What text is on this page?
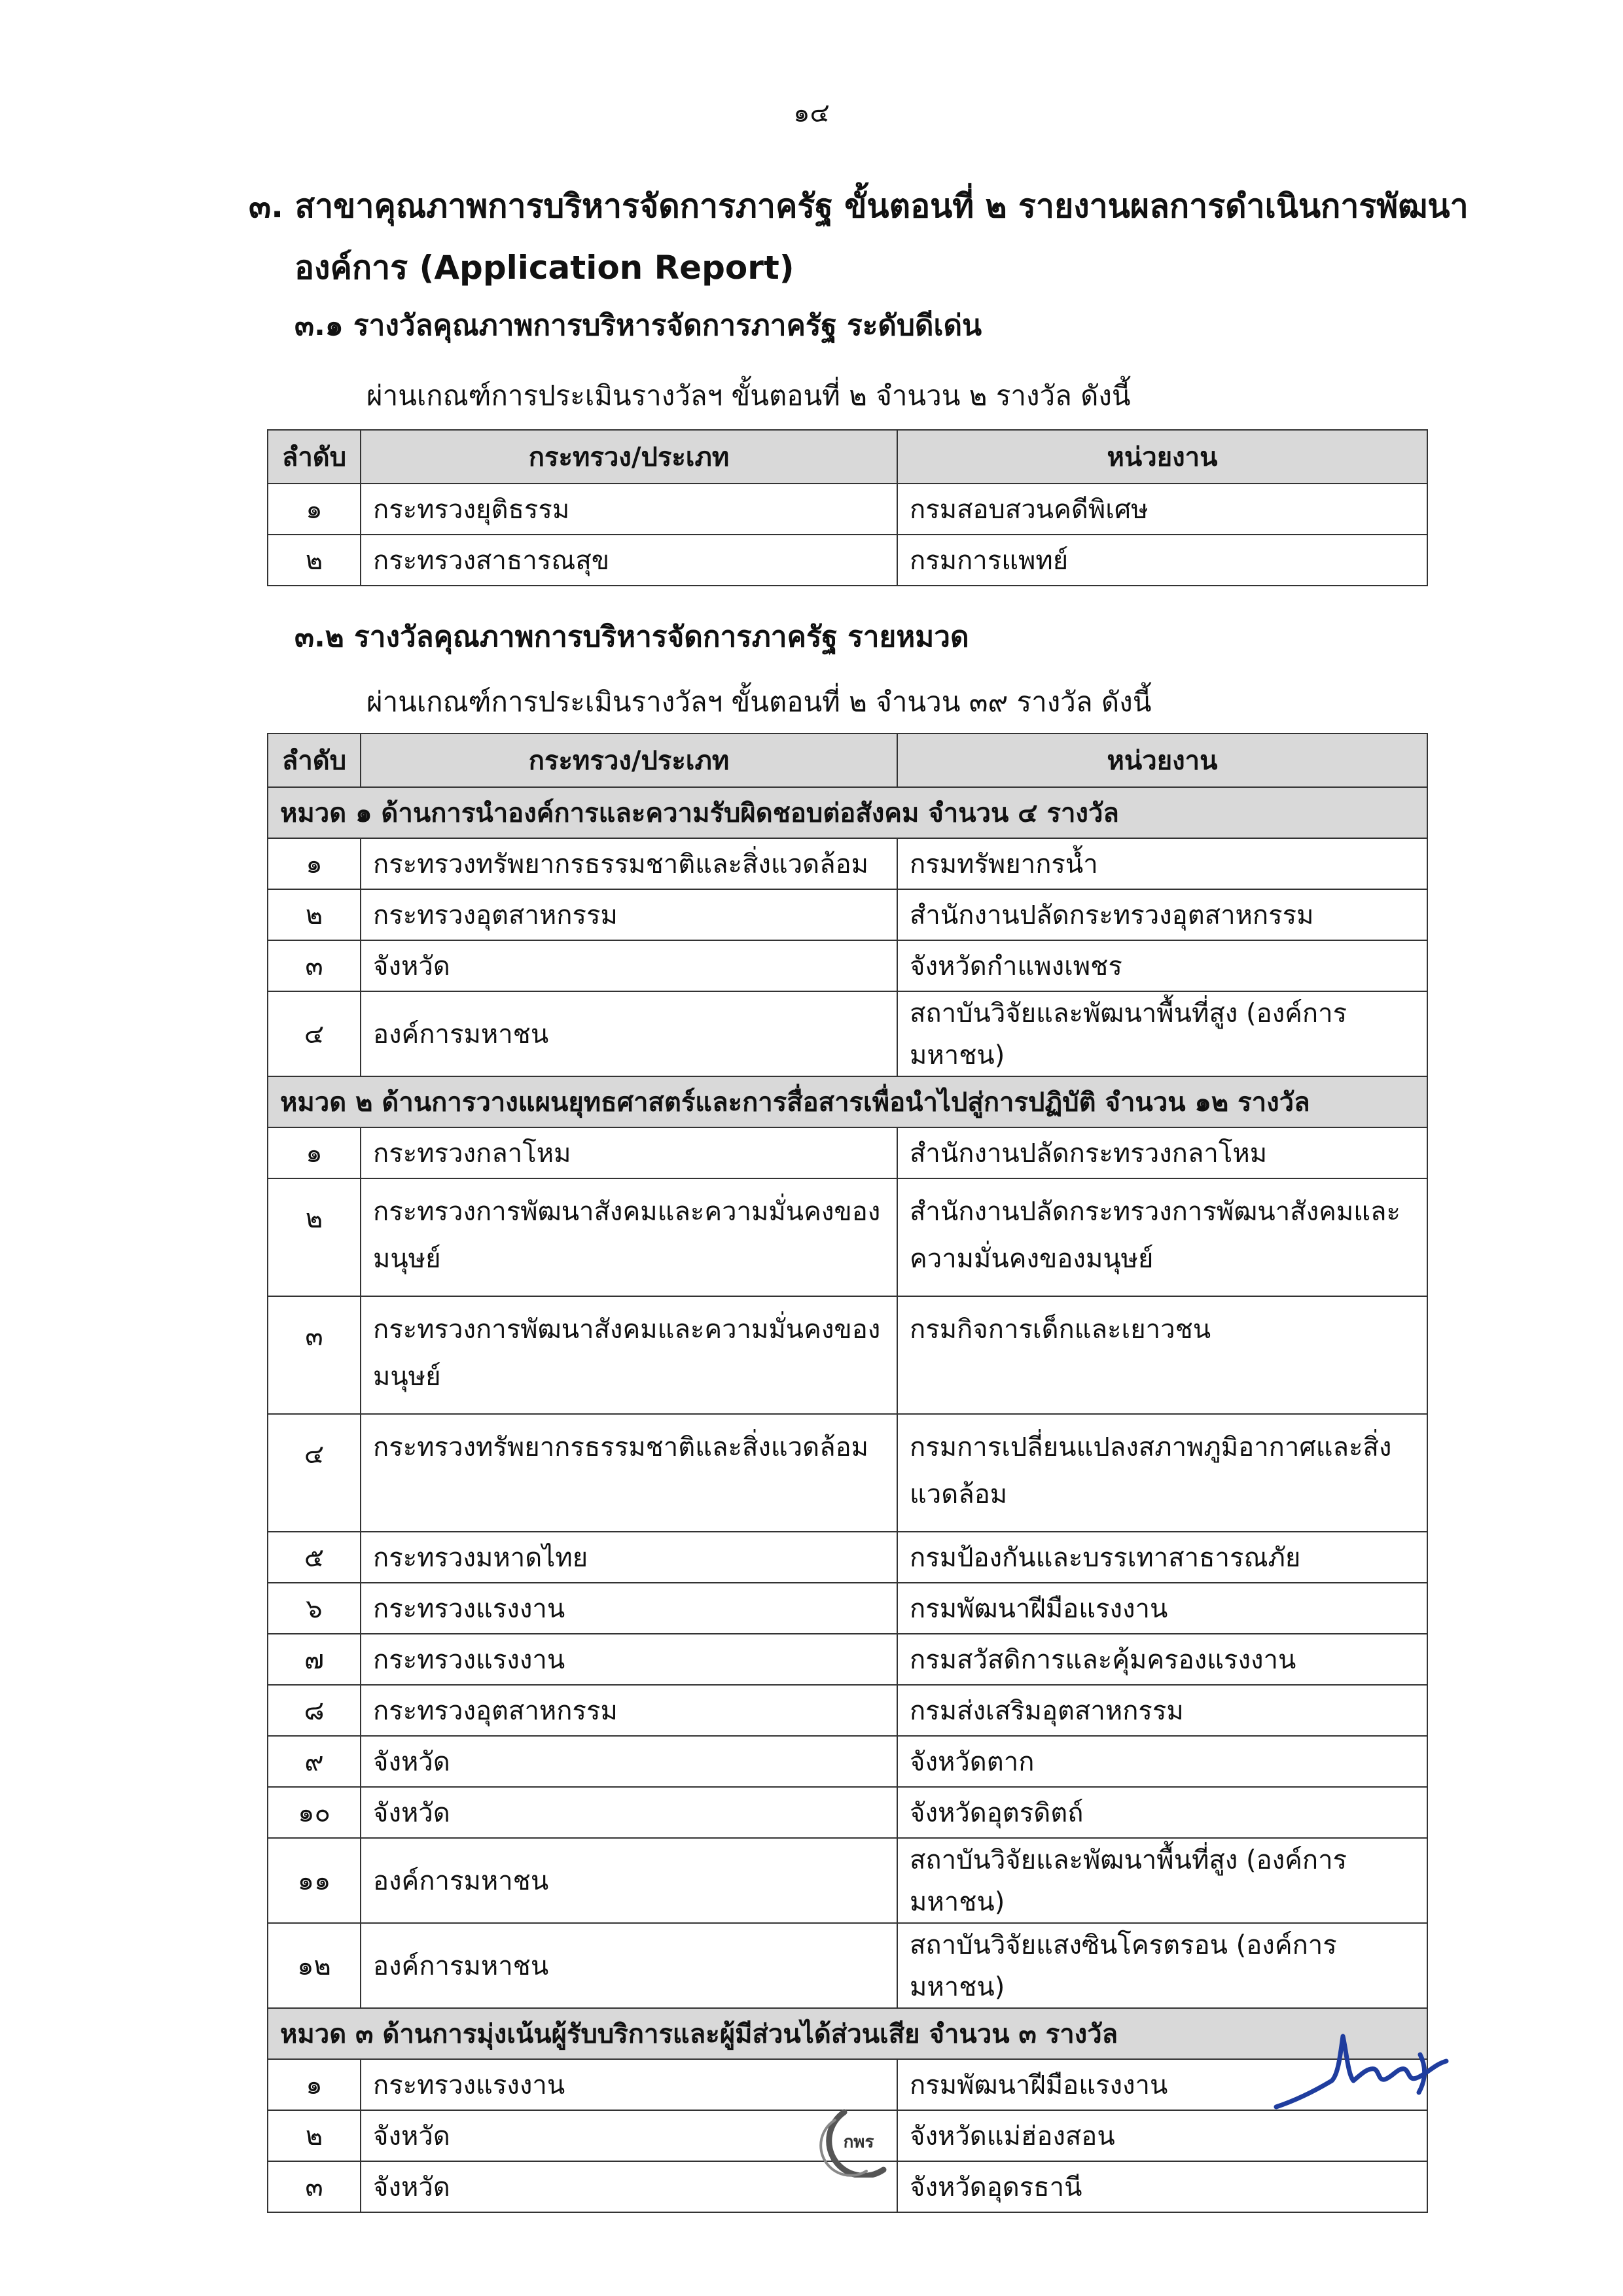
๑๔
๓. สาขาคุณภาพการบริหารจัดการภาครัฐ ขั้นตอนที่ ๒ รายงานผลการดำเนินการพัฒนา
องค์การ (Application Report)
๓.๑ รางวัลคุณภาพการบริหารจัดการภาครัฐ ระดับดีเด่น
ผ่านเกณฑ์การประเมินรางวัลฯ ขั้นตอนที่ ๒ จำนวน ๒ รางวัล ดังนี้
ลำดับ	กระทรวง/ประเภท	หน่วยงาน
๑	กระทรวงยุติธรรม	กรมสอบสวนคดีพิเศษ
๒	กระทรวงสาธารณสุข	กรมการแพทย์
๓.๒ รางวัลคุณภาพการบริหารจัดการภาครัฐ รายหมวด
ผ่านเกณฑ์การประเมินรางวัลฯ ขั้นตอนที่ ๒ จำนวน ๓๙ รางวัล ดังนี้
ลำดับ	กระทรวง/ประเภท	หน่วยงาน
หมวด ๑ ด้านการนำองค์การและความรับผิดชอบต่อสังคม จำนวน ๔ รางวัล		
๑	กระทรวงทรัพยากรธรรมชาติและสิ่งแวดล้อม	กรมทรัพยากรน้ำ
๒	กระทรวงอุตสาหกรรม	สำนักงานปลัดกระทรวงอุตสาหกรรม
๓	จังหวัด	จังหวัดกำแพงเพชร
๔	องค์การมหาชน	สถาบันวิจัยและพัฒนาพื้นที่สูง (องค์การมหาชน)
หมวด ๒ ด้านการวางแผนยุทธศาสตร์และการสื่อสารเพื่อนำไปสู่การปฏิบัติ จำนวน ๑๒ รางวัล		
๑	กระทรวงกลาโหม	สำนักงานปลัดกระทรวงกลาโหม
๒	กระทรวงการพัฒนาสังคมและความมั่นคงของมนุษย์	สำนักงานปลัดกระทรวงการพัฒนาสังคมและความมั่นคงของมนุษย์
๓	กระทรวงการพัฒนาสังคมและความมั่นคงของมนุษย์	กรมกิจการเด็กและเยาวชน
๔	กระทรวงทรัพยากรธรรมชาติและสิ่งแวดล้อม	กรมการเปลี่ยนแปลงสภาพภูมิอากาศและสิ่งแวดล้อม
๕	กระทรวงมหาดไทย	กรมป้องกันและบรรเทาสาธารณภัย
๖	กระทรวงแรงงาน	กรมพัฒนาฝีมือแรงงาน
๗	กระทรวงแรงงาน	กรมสวัสดิการและคุ้มครองแรงงาน
๘	กระทรวงอุตสาหกรรม	กรมส่งเสริมอุตสาหกรรม
๙	จังหวัด	จังหวัดตาก
๑๐	จังหวัด	จังหวัดอุตรดิตถ์
๑๑	องค์การมหาชน	สถาบันวิจัยและพัฒนาพื้นที่สูง (องค์การมหาชน)
๑๒	องค์การมหาชน	สถาบันวิจัยแสงซินโครตรอน (องค์การมหาชน)
หมวด ๓ ด้านการมุ่งเน้นผู้รับบริการและผู้มีส่วนได้ส่วนเสีย จำนวน ๓ รางวัล		
๑	กระทรวงแรงงาน	กรมพัฒนาฝีมือแรงงาน
๒	จังหวัด	จังหวัดแม่ฮ่องสอน
๓	จังหวัด	จังหวัดอุดรธานี
กพร
